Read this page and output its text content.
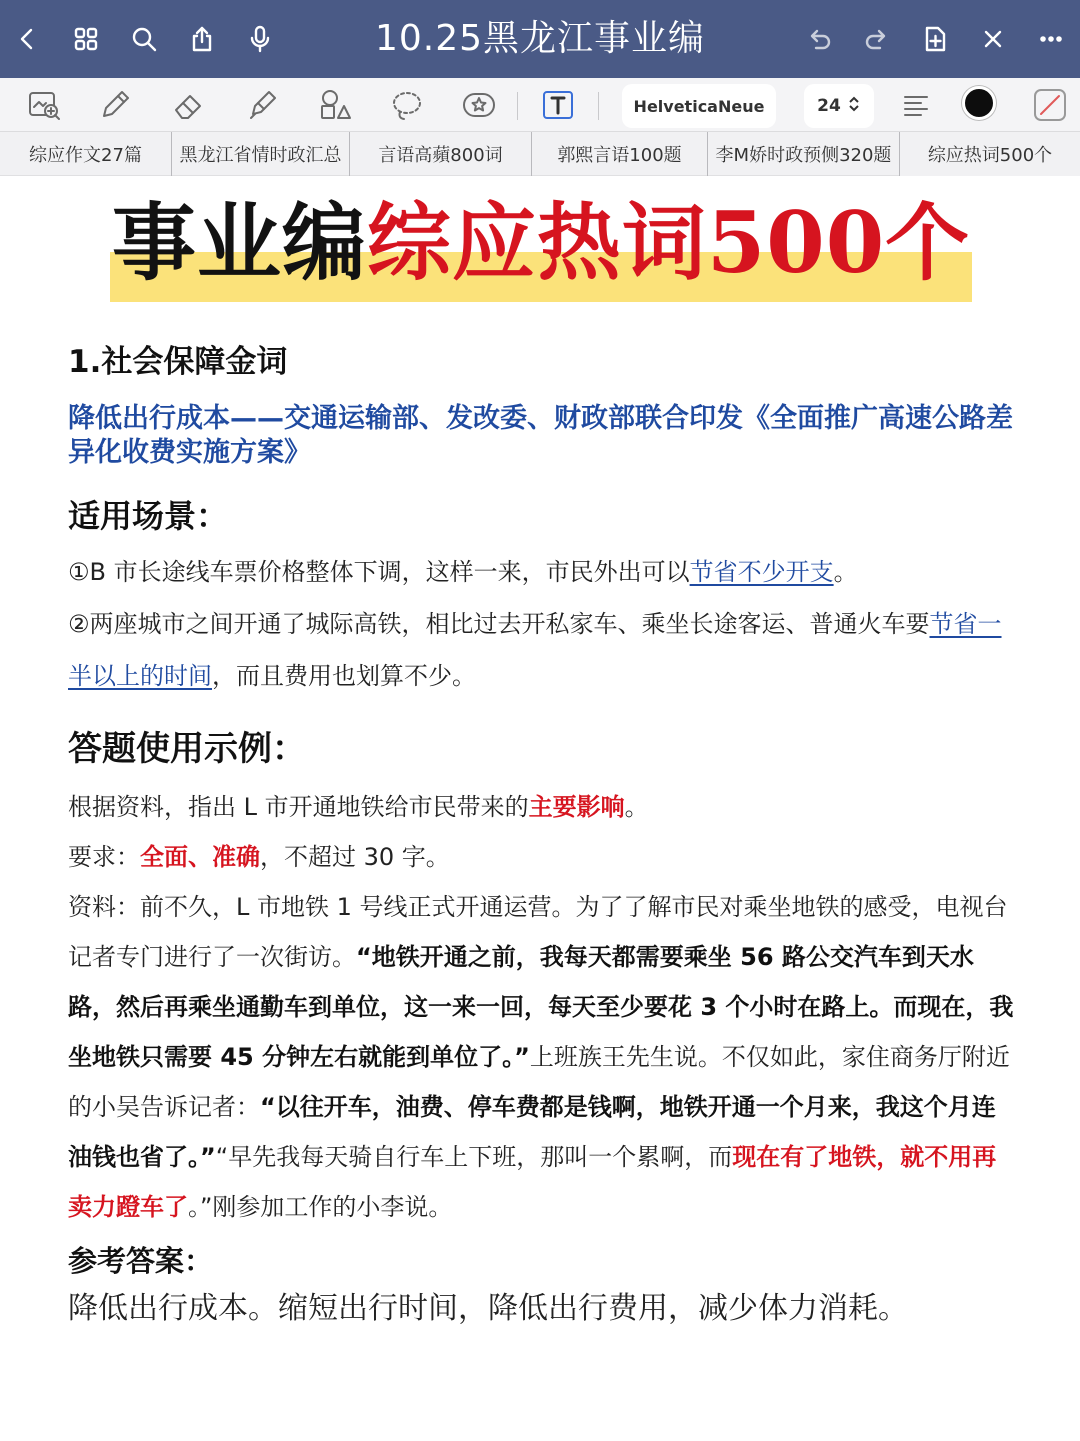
10.25黑龙江事业编
HelveticaNeue	24
综应作文27篇	黑龙江省情时政汇总	言语高蘋800词	郭熙言语100题	李M娇时政预侧320题	综应热词500个
事业编综应热词500个
1.社会保障金词
降低出行成本——交通运输部、发改委、财政部联合印发《全面推广高速公路差异化收费实施方案》
适用场景：
①B 市长途线车票价格整体下调，这样一来，市民外出可以节省不少开支。
②两座城市之间开通了城际高铁，相比过去开私家车、乘坐长途客运、普通火车要节省一半以上的时间，而且费用也划算不少。
答题使用示例：
根据资料，指出 L 市开通地铁给市民带来的主要影响。
要求：全面、准确，不超过 30 字。
资料：前不久，L 市地铁 1 号线正式开通运营。为了了解市民对乘坐地铁的感受，电视台记者专门进行了一次街访。“地铁开通之前，我每天都需要乘坐 56 路公交汽车到天水路，然后再乘坐通勤车到单位，这一来一回，每天至少要花 3 个小时在路上。而现在，我坐地铁只需要 45 分钟左右就能到单位了。”上班族王先生说。不仅如此，家住商务厅附近的小吴告诉记者：“以往开车，油费、停车费都是钱啊，地铁开通一个月来，我这个月连油钱也省了。”“早先我每天骑自行车上下班，那叫一个累啊，而现在有了地铁，就不用再卖力蹬车了。”刚参加工作的小李说。
参考答案：
降低出行成本。缩短出行时间，降低出行费用，减少体力消耗。
